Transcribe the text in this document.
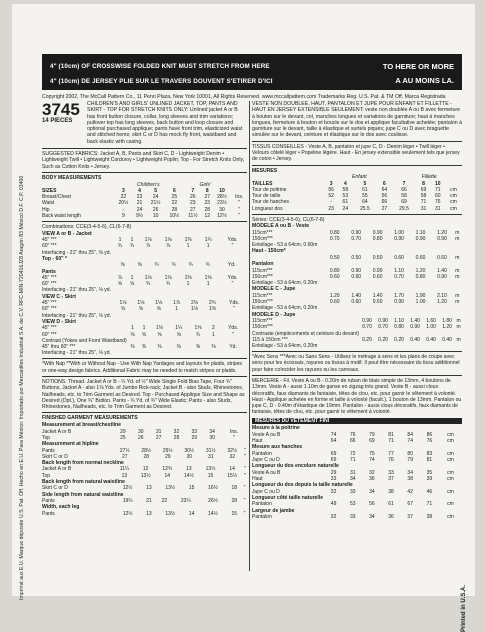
Imprimé aux E.U. Marque déposée U.S. Pat. Off. Hecho en E.U. Para México: Importado por Mercantiles Industrial S.A. de C.V. RFC-MIN-720416JZ8 Aragón 83 México D.F. C.P. 03400
4" (10cm) OF CROSSWISE FOLDED KNIT MUST STRETCH FROM HERE
4" (10cm) DE JERSEY PLIE SUR LE TRAVERS DOUVENT S'ETIRER D'ICI
TO HERE OR MORE
A AU MOINS LA.
Copyright 2002, The McCall Pattern Co., 11 Penn Plaza, New York 10001, All Rights Reserved. www.mccallpattern.com Trademarks Reg. U.S. Pat. & TM Off. Marca Registrada
3745
14 PIECES
CHILDREN'S AND GIRLS' UNLINED JACKET, TOP, PANTS AND SKIRT - TOP FOR STRETCH KNITS ONLY: Unlined jacket A or B has front button closure, collar, long sleeves and trim variations; pullover top has long sleeves, back button and loop closure and optional purchased applique; pants have front trim, elasticized waist and stitched hems; skirt C or D has mock fly front, waistband and back elastic with casing.
SUGGESTED FABRICS: Jacket A, B, Pants and Skirt C, D - Lightweight Denim • Lightweight Twill • Lightweight Corduroy • Lightweight Poplin; Top - For Stretch Knits Only, Such as Cotton Knits • Jersey.
BODY MEASUREMENTS
Children's	Girls'
SIZES	3	4	5	6	7	8	10	
Breast/Chest	22	23	24	25	26	27	28½	Ins.
Waist	20½	21	21½	22	23	23	23½	"
Hip	-	24	26	28	27	28	30	"
Back waist length	9	9½	10	10½	11½	12	12½	"
Combinations: CCE(3-4-5-6), CL(6-7-8)
VIEW A or B - Jacket
45" ***	1	1	1⅛	1⅛	1⅜	1¼	Yds.
60" ***	¾	¾	⅞	⅞	1	1	"
Interfacing - 21" thru 25", ⅜ yd.							
Top - 60" *
	⅝	⅝	¾	¾	¾	¾	Yd.
Pants
45" ***	⅞	1	1⅛	1⅛	1⅜	1⅝	Yds.
60" ***	⅝	⅝	¾	¾	1	1	"
Interfacing - 21" thru 25", ⅛ yd.							
VIEW C - Skirt
45" ***	1⅛	1⅛	1⅛	1⅞	2⅛	2¾	Yds.
60" ***	⅝	⅝	⅝	1	1⅛	1⅜	"
Interfacing - 21" thru 25", ⅛ yd.							
VIEW D - Skirt
45" ***	1	1	1⅛	1¼	1⅝	2	Yds.
60" ***	⅝	⅝	⅝	⅝	¾	1	"
Contrast (Yokes and Front Waistband)							
45" thru 60" ***	⅜	⅜	⅜	⅜	⅜	⅜	Yd.
Interfacing - 21" thru 25", ⅛ yd.							
*With Nap **With or Without Nap - Use With Nap Yardages and layouts for plaids, stripes or one-way design fabrics. Additional Fabric may be needed to match stripes or plaids.
NOTIONS: Thread. Jacket A or B - ¼ Yd. of ½" Wide Single Fold Bias Tape, Four ¾" Buttons, Jacket A - also 1⅛ Yds. of Jumbo Rick-rack; Jacket B - also Studs, Rhinestones, Nailheads, etc. to Trim Garment as Desired. Top - Purchased Applique Size and Shape as Desired (Opt.), One ¾" Button. Pants - ¾ Yd. of ¾" Wide Elastic; Pants - also Studs, Rhinestones, Nailheads, etc. to Trim Garment as Desired.
FINISHED GARMENT MEASUREMENTS
Measurement at breast/chestline
Jacket A or B	29	30	31	32	33	34	Ins.
Top	25	26	27	28	29	30	"
Measurement at hipline
Pants	27½	28½	29½	30½	31½	32½	"
Skirt C or D	27	28	29	30	31	32	"
Back length from normal neckline
Jacket A or B	11¼	12	12¾	13	13½	14	"
Top	13	13½	14	14½	15	15½	"
Back length from natural waistline
Skirt C or D	12½	13	13½	15	16½	18	"
Side length from natural waistline
Pants	19¼	21	22	23¼	26½	28	"
Width, each leg
Pants	12½	13	13½	14	14½	15	"
VESTE NON DOUBLEE, HAUT, PANTALON ET JUPE POUR ENFANT ET FILLETTE - HAUT EN JERSEY EXTENSIBLE SEULEMENT: veste non doublée A ou B avec fermeture à bouton sur le devant, col, manches longues et variations de garniture; haut à manches longues, fermeture à bouton et boucle sur le dos et applique facultative achetée; pantalon à garniture sur le devant, taille à élastique et surtels piqués; jupe C ou D avec braguette simulée sur le devant, ceinture et élastique sur le dos avec coulisse.
TISSUS CONSEILLES - Veste A, B, pantalon et jupe C, D - Denim léger • Twill léger • Velours côtelé léger • Popeline légère. Haut - En jersey extensible seulement tels que jersey de coton • Jersey.
MESURES
Enfant	Fillette
TAILLES	3	4	5	6	7	8	10	
Tour de poitrine	56	58	61	64	66	69	71	cm
Tour de taille	52	53	55	56	58	58	60	cm
Tour de hanches	-	61	64	66	69	71	76	cm
Longueur dos	23	24	25.5	27	29.5	31	31	cm
Séries: CCE(3-4-5-6), CL(6-7-8)
MODELE A ou B - Veste
115cm***	0.80	0.90	0.90	1.00	1.10	1.20	m
150cm***	0.70	0.70	0.80	0.90	0.90	0.90	m
Entoilage - 53 à 64cm, 0.60m							
Haut - 150cm*
	0.50	0.50	0.50	0.60	0.60	0.60	m
Pantalon
115cm***	0.80	0.90	0.90	1.10	1.20	1.40	m
150cm***	0.60	0.60	0.60	0.70	0.80	0.90	m
Entoilage - 53 à 64cm, 0.20m							
MODELE C - Jupe
115cm***	1.20	1.40	1.40	1.70	1.90	2.10	m
150cm***	0.60	0.60	0.60	0.90	1.00	1.20	m
Entoilage - 53 à 64cm, 0.20m							
MODELE D - Jupe
115cm***	0.90	0.90	1.10	1.40	1.60	1.80	m
150cm***	0.70	0.70	0.80	0.90	1.00	1.20	m
Contraste (empiècements et ceinture du devant)							
115 à 150cm ***	0.20	0.20	0.20	0.40	0.40	0.40	m
Entoilage - 53 à 64cm, 0.20m							
*Avec Sens ***Avec ou Sans Sens - Utilisez le métrage à sens et les plans de coupe avec sens pour les écossais, rayures ou tissus à motif. Il peut être nécessaire du tissu additionnel pour faire coïncider les rayures ou les carreaux.
MERCERIE - Fil. Veste A ou B - 0.20m de ruban de biais simple de 13mm, 4 boutons de 13mm. Veste A - aussi 1.10m de ganse en zigzag très grand. Veste B - aussi clous décoratifs, faux diamants de fantaisie, têtes de clou, etc. pour garnir le vêtement à volonté. Haut - Applique achetée en forme et taille à volonté (facult.), 1 bouton de 13mm. Pantalon ou jupe C, D - 0.40m d'élastique de 19mm. Pantalon - aussi clous décoratifs, faux diamants de fantaisie, têtes de clou, etc. pour garnir le vêtement à volonté.
MESURES DU VETEMENT FINI
Mesure à la poitrine
Veste A ou B	74	76	79	81	84	86	cm
Haut	64	66	69	71	74	76	cm
Mesure aux hanches
Pantalon	69	72	75	77	80	83	cm
Jupe C ou D	69	71	74	76	79	81	cm
Longueur du dos encolure naturelle
Veste A ou B	29	31	32	33	34	35	cm
Haut	33	34	36	37	38	39	cm
Longueur du dos depuis la taille naturelle
Jupe C ou D	32	33	34	38	42	46	cm
Longueur côté taille naturelle
Pantalon	49	53	56	61	67	71	cm
Largeur de jambe
Pantalon	32	33	34	36	37	38	cm
Printed in U.S.A.
